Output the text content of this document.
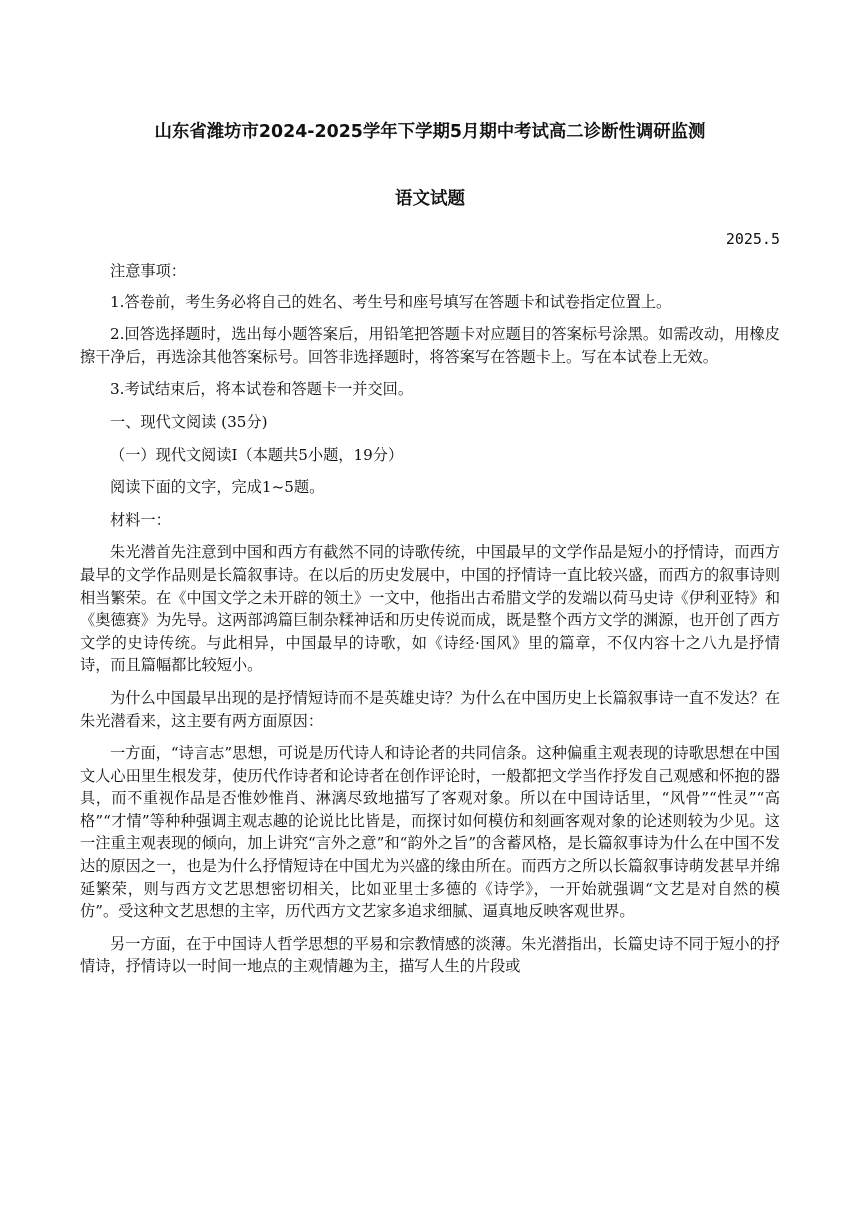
山东省潍坊市2024-2025学年下学期5月期中考试高二诊断性调研监测
语文试题
2025.5

注意事项：

1.答卷前，考生务必将自己的姓名、考生号和座号填写在答题卡和试卷指定位置上。

2.回答选择题时，选出每小题答案后，用铅笔把答题卡对应题目的答案标号涂黑。如需改动，用橡皮擦干净后，再选涂其他答案标号。回答非选择题时，将答案写在答题卡上。写在本试卷上无效。

3.考试结束后，将本试卷和答题卡一并交回。

一、现代文阅读 (35分)

（一）现代文阅读Ⅰ（本题共5小题，19分）

阅读下面的文字，完成1~5题。

材料一：

朱光潜首先注意到中国和西方有截然不同的诗歌传统，中国最早的文学作品是短小的抒情诗，而西方最早的文学作品则是长篇叙事诗。在以后的历史发展中，中国的抒情诗一直比较兴盛，而西方的叙事诗则相当繁荣。在《中国文学之未开辟的领土》一文中，他指出古希腊文学的发端以荷马史诗《伊利亚特》和《奥德赛》为先导。这两部鸿篇巨制杂糅神话和历史传说而成，既是整个西方文学的渊源，也开创了西方文学的史诗传统。与此相异，中国最早的诗歌，如《诗经·国风》里的篇章，不仅内容十之八九是抒情诗，而且篇幅都比较短小。

为什么中国最早出现的是抒情短诗而不是英雄史诗？为什么在中国历史上长篇叙事诗一直不发达？在朱光潜看来，这主要有两方面原因：

一方面，“诗言志”思想，可说是历代诗人和诗论者的共同信条。这种偏重主观表现的诗歌思想在中国文人心田里生根发芽，使历代作诗者和论诗者在创作评论时，一般都把文学当作抒发自己观感和怀抱的器具，而不重视作品是否惟妙惟肖、淋漓尽致地描写了客观对象。所以在中国诗话里，“风骨”“性灵”“高格”“才情”等种种强调主观志趣的论说比比皆是，而探讨如何模仿和刻画客观对象的论述则较为少见。这一注重主观表现的倾向，加上讲究“言外之意”和“韵外之旨”的含蓄风格，是长篇叙事诗为什么在中国不发达的原因之一，也是为什么抒情短诗在中国尤为兴盛的缘由所在。而西方之所以长篇叙事诗萌发甚早并绵延繁荣，则与西方文艺思想密切相关，比如亚里士多德的《诗学》，一开始就强调“文艺是对自然的模仿”。受这种文艺思想的主宰，历代西方文艺家多追求细腻、逼真地反映客观世界。

另一方面，在于中国诗人哲学思想的平易和宗教情感的淡薄。朱光潜指出，长篇史诗不同于短小的抒情诗，抒情诗以一时间一地点的主观情趣为主，描写人生的片段或
